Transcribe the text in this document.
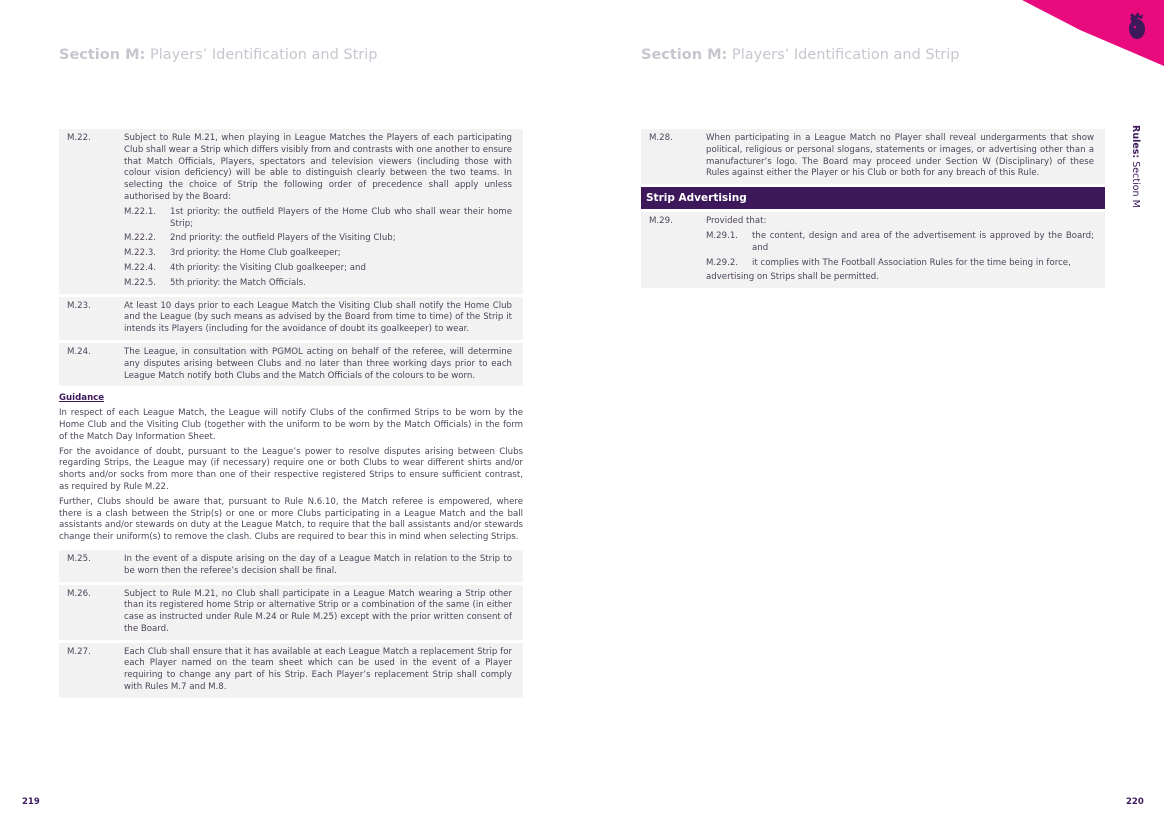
Section M: Players’ Identification and Strip
M.22.	Subject to Rule M.21, when playing in League Matches the Players of each participating Club shall wear a Strip which differs visibly from and contrasts with one another to ensure that Match Officials, Players, spectators and television viewers (including those with colour vision deficiency) will be able to distinguish clearly between the two teams. In selecting the choice of Strip the following order of precedence shall apply unless authorised by the Board:
M.22.1.	1st priority: the outfield Players of the Home Club who shall wear their home Strip;
M.22.2.	2nd priority: the outfield Players of the Visiting Club;
M.22.3.	3rd priority: the Home Club goalkeeper;
M.22.4.	4th priority: the Visiting Club goalkeeper; and
M.22.5.	5th priority: the Match Officials.
M.23.	At least 10 days prior to each League Match the Visiting Club shall notify the Home Club and the League (by such means as advised by the Board from time to time) of the Strip it intends its Players (including for the avoidance of doubt its goalkeeper) to wear.
M.24.	The League, in consultation with PGMOL acting on behalf of the referee, will determine any disputes arising between Clubs and no later than three working days prior to each League Match notify both Clubs and the Match Officials of the colours to be worn.
Guidance

In respect of each League Match, the League will notify Clubs of the confirmed Strips to be worn by the Home Club and the Visiting Club (together with the uniform to be worn by the Match Officials) in the form of the Match Day Information Sheet.

For the avoidance of doubt, pursuant to the League’s power to resolve disputes arising between Clubs regarding Strips, the League may (if necessary) require one or both Clubs to wear different shirts and/or shorts and/or socks from more than one of their respective registered Strips to ensure sufficient contrast, as required by Rule M.22.

Further, Clubs should be aware that, pursuant to Rule N.6.10, the Match referee is empowered, where there is a clash between the Strip(s) or one or more Clubs participating in a League Match and the ball assistants and/or stewards on duty at the League Match, to require that the ball assistants and/or stewards change their uniform(s) to remove the clash. Clubs are required to bear this in mind when selecting Strips.

M.25.	In the event of a dispute arising on the day of a League Match in relation to the Strip to be worn then the referee’s decision shall be final.
M.26.	Subject to Rule M.21, no Club shall participate in a League Match wearing a Strip other than its registered home Strip or alternative Strip or a combination of the same (in either case as instructed under Rule M.24 or Rule M.25) except with the prior written consent of the Board.
M.27.	Each Club shall ensure that it has available at each League Match a replacement Strip for each Player named on the team sheet which can be used in the event of a Player requiring to change any part of his Strip. Each Player’s replacement Strip shall comply with Rules M.7 and M.8.
219
Section M: Players’ Identification and Strip
M.28.	When participating in a League Match no Player shall reveal undergarments that show political, religious or personal slogans, statements or images, or advertising other than a manufacturer’s logo. The Board may proceed under Section W (Disciplinary) of these Rules against either the Player or his Club or both for any breach of this Rule.
Strip Advertising
M.29.	Provided that:
M.29.1.	the content, design and area of the advertisement is approved by the Board; and
M.29.2.	it complies with The Football Association Rules for the time being in force,
advertising on Strips shall be permitted.
Rules: Section M
220
